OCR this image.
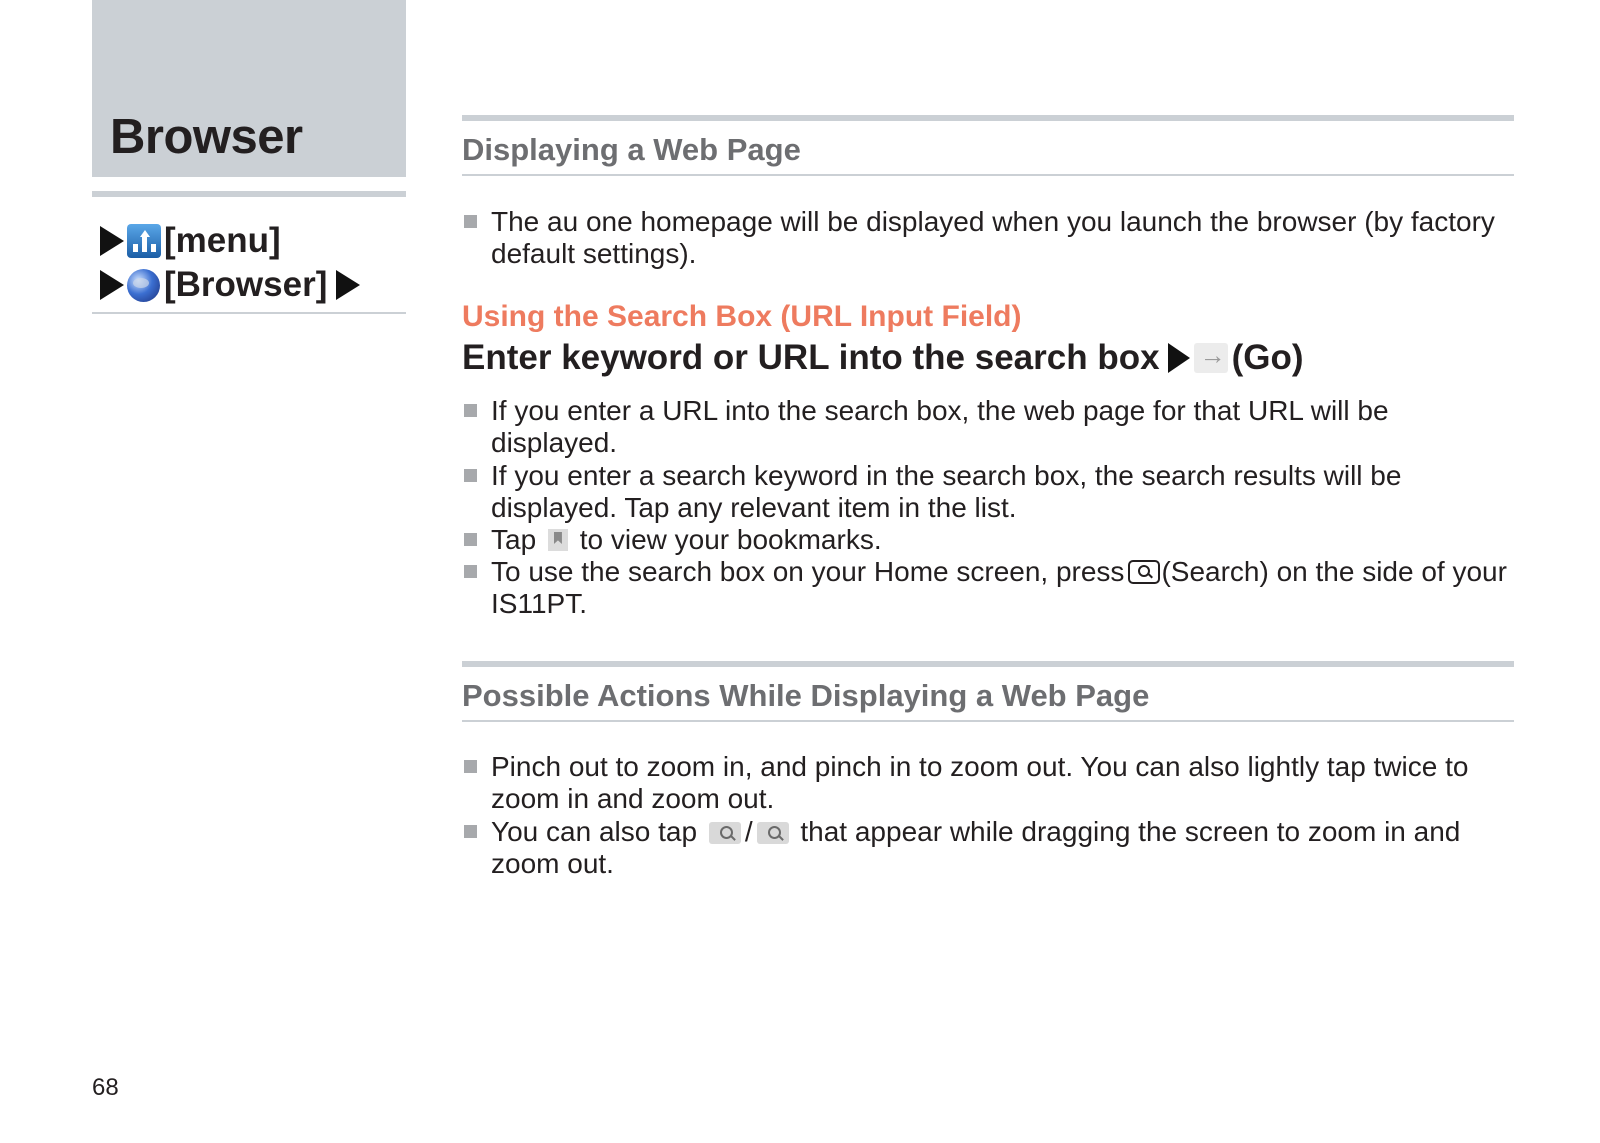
Browser
[menu]
[Browser]
Displaying a Web Page
The au one homepage will be displayed when you launch the browser (by factory default settings).
Using the Search Box (URL Input Field)
Enter keyword or URL into the search box
→ (Go)
If you enter a URL into the search box, the web page for that URL will be displayed.
If you enter a search keyword in the search box, the search results will be displayed. Tap any relevant item in the list.
Tap to view your bookmarks.
To use the search box on your Home screen, press (Search) on the side of your IS11PT.
Possible Actions While Displaying a Web Page
Pinch out to zoom in, and pinch in to zoom out. You can also lightly tap twice to zoom in and zoom out.
You can also tap / that appear while dragging the screen to zoom in and zoom out.
68
